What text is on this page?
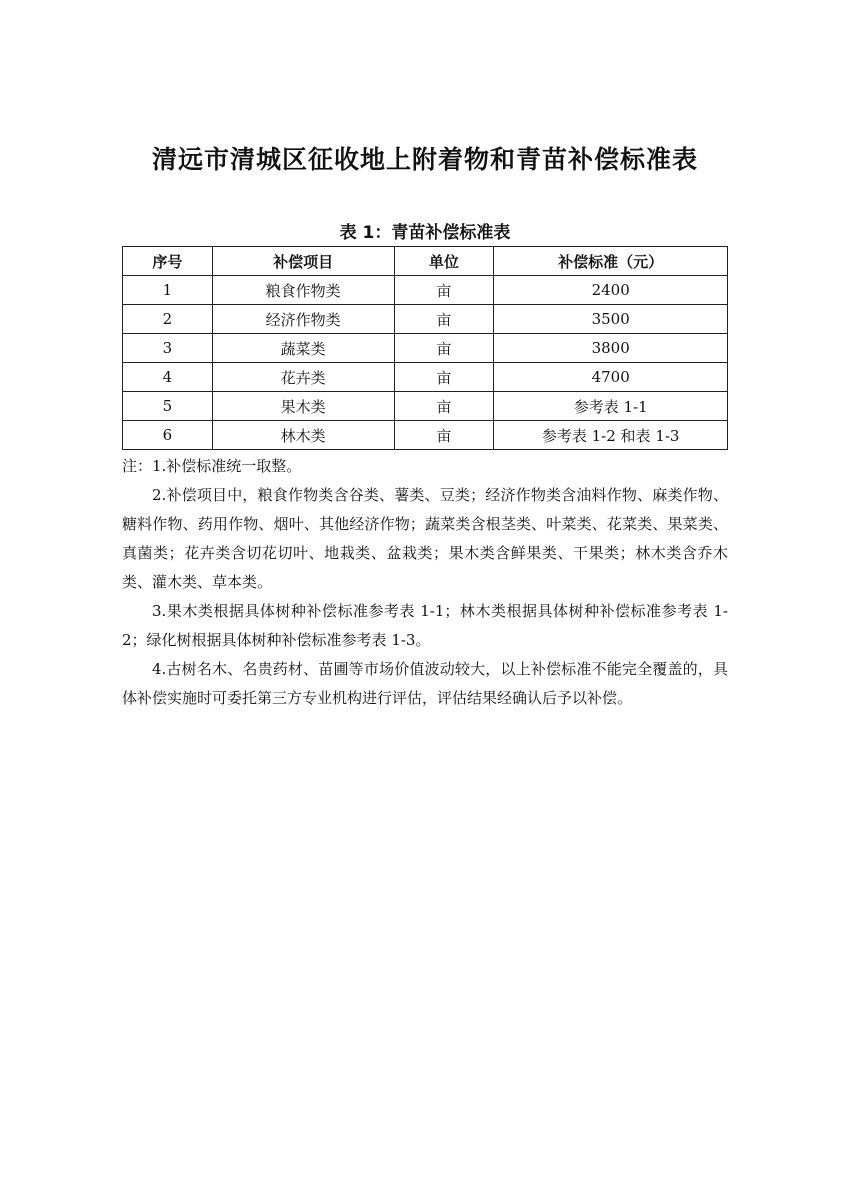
清远市清城区征收地上附着物和青苗补偿标准表
表 1：青苗补偿标准表
序号	补偿项目	单位	补偿标准（元）
1	粮食作物类	亩	2400
2	经济作物类	亩	3500
3	蔬菜类	亩	3800
4	花卉类	亩	4700
5	果木类	亩	参考表 1-1
6	林木类	亩	参考表 1-2 和表 1-3

注：1.补偿标准统一取整。

2.补偿项目中，粮食作物类含谷类、薯类、豆类；经济作物类含油料作物、麻类作物、糖料作物、药用作物、烟叶、其他经济作物；蔬菜类含根茎类、叶菜类、花菜类、果菜类、真菌类；花卉类含切花切叶、地栽类、盆栽类；果木类含鲜果类、干果类；林木类含乔木类、灌木类、草本类。

3.果木类根据具体树种补偿标准参考表 1-1；林木类根据具体树种补偿标准参考表 1-2；绿化树根据具体树种补偿标准参考表 1-3。

4.古树名木、名贵药材、苗圃等市场价值波动较大，以上补偿标准不能完全覆盖的，具体补偿实施时可委托第三方专业机构进行评估，评估结果经确认后予以补偿。
